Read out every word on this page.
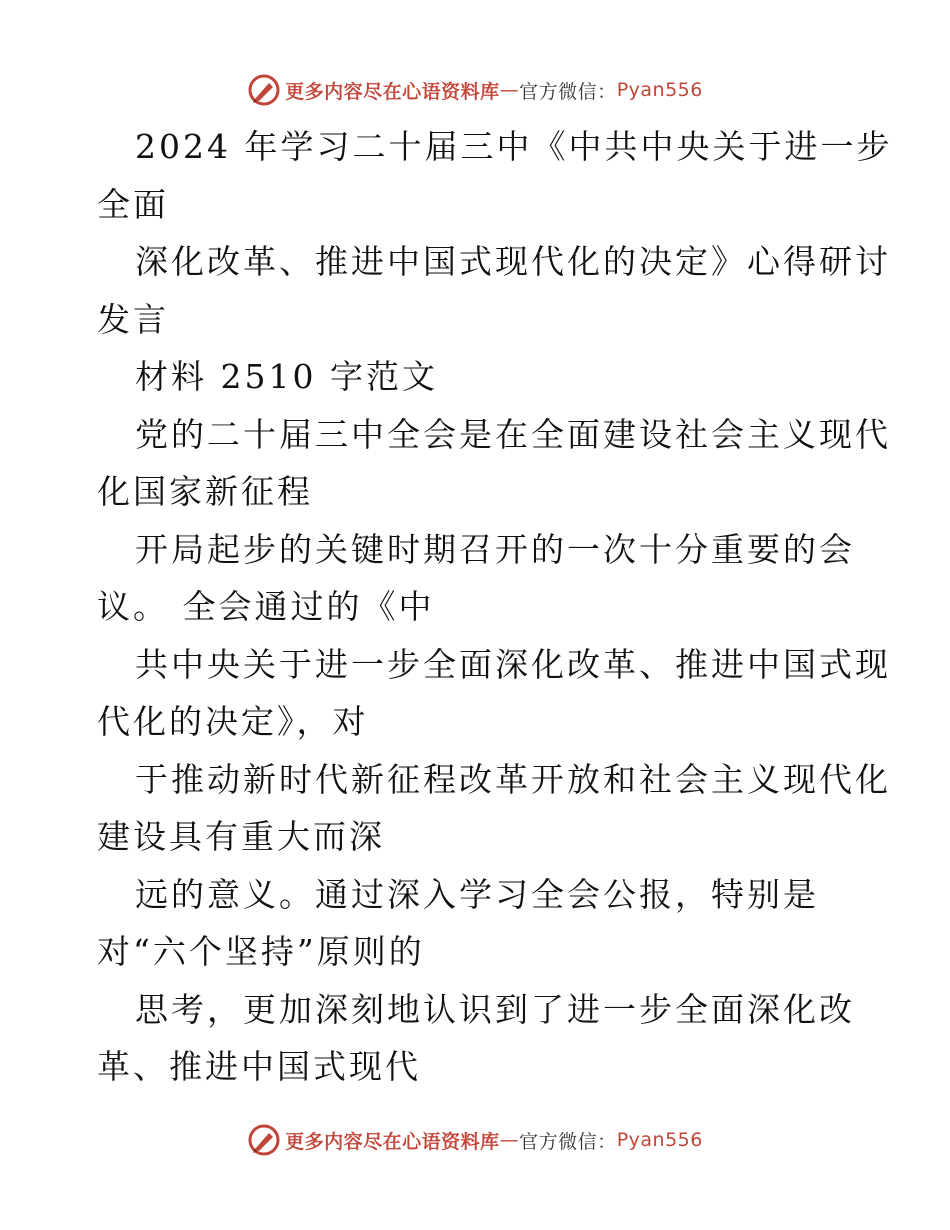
更多内容尽在心语资料库 — 官方微信： Pyan556
2024 年学习二十届三中《中共中央关于进一步
全面
深化改革、推进中国式现代化的决定》心得研讨
发言
材料 2510 字范文
党的二十届三中全会是在全面建设社会主义现代
化国家新征程
开局起步的关键时期召开的一次十分重要的会
议。 全会通过的《中
共中央关于进一步全面深化改革、推进中国式现
代化的决定》，对
于推动新时代新征程改革开放和社会主义现代化
建设具有重大而深
远的意义。通过深入学习全会公报，特别是
对“六个坚持”原则的
思考，更加深刻地认识到了进一步全面深化改
革、推进中国式现代
更多内容尽在心语资料库 — 官方微信： Pyan556
